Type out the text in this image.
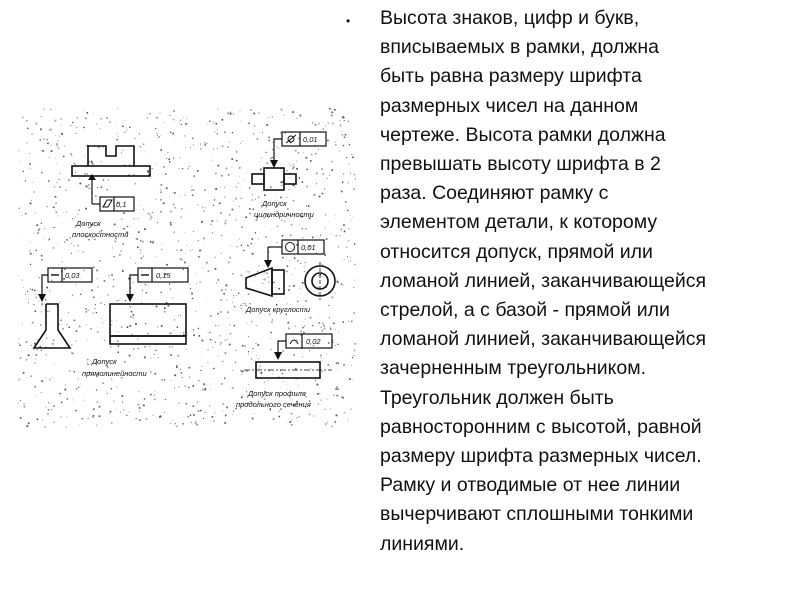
0,1
0,01
0,01
0,03	0,15
0,02
Допуск
плоскостности
Допуск
цилиндричности
Допуск круглости
Допуск
прямолинейности
Допуск профиля
продольного сечения
•	Высота знаков, цифр и букв,
вписываемых в рамки, должна
быть равна размеру шрифта
размерных чисел на данном
чертеже. Высота рамки должна
превышать высоту шрифта в 2
раза. Соединяют рамку с
элементом детали, к которому
относится допуск, прямой или
ломаной линией, заканчивающейся
стрелой, а с базой - прямой или
ломаной линией, заканчивающейся
зачерненным треугольником.
Треугольник должен быть
равносторонним с высотой, равной
размеру шрифта размерных чисел.
Рамку и отводимые от нее линии
вычерчивают сплошными тонкими
линиями.
